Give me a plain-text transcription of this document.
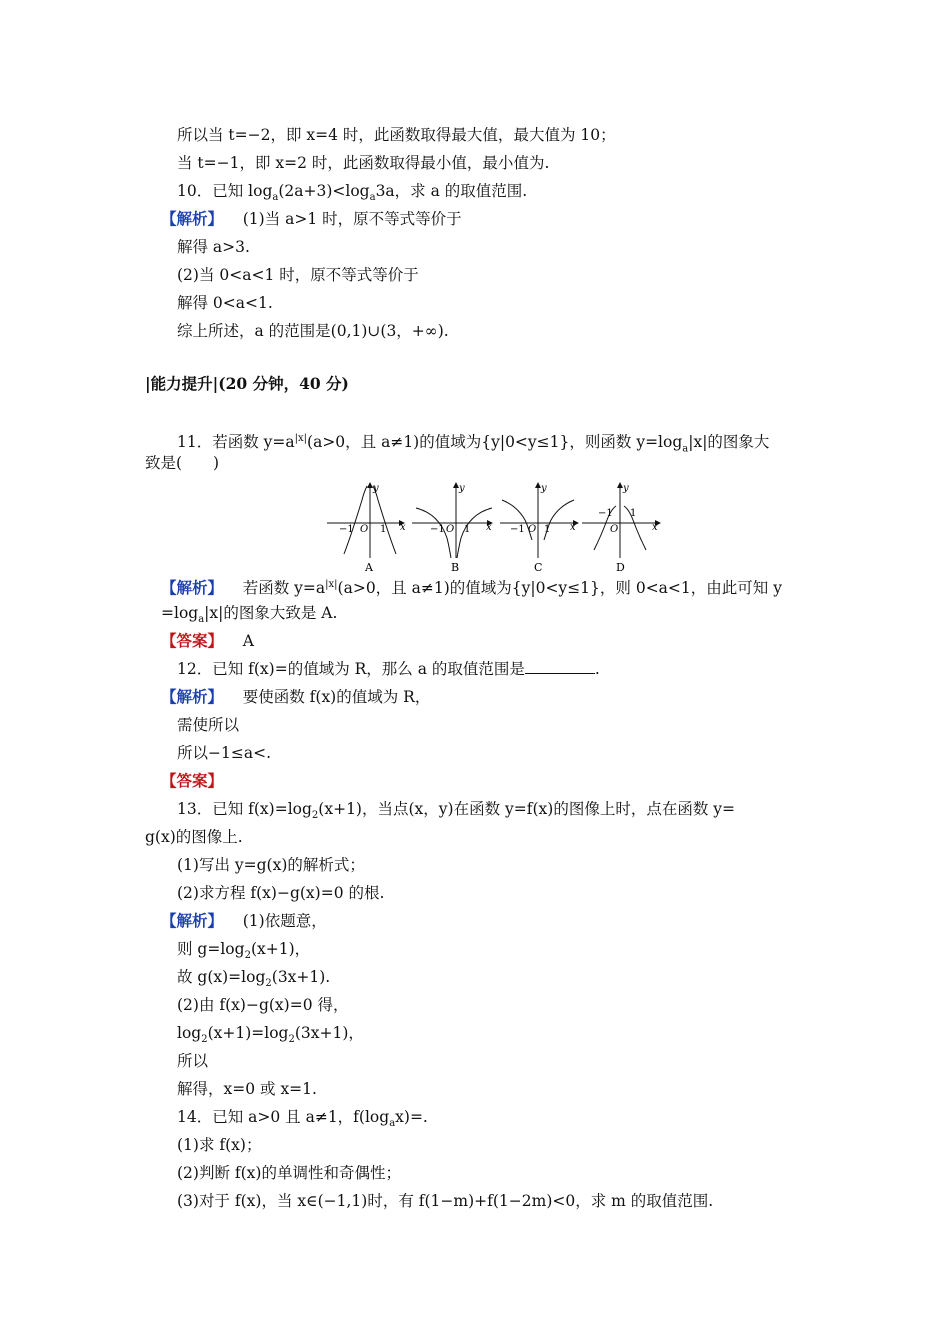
所以当 t=−2，即 x=4 时，此函数取得最大值，最大值为 10；
当 t=−1，即 x=2 时，此函数取得最小值，最小值为.
10．已知 $\log_a(2a+3)<\log_a3a$，求 a 的取值范围.
【解析】 (1)当 a>1 时，原不等式等价于
解得 a>3.
(2)当 0<a<1 时，原不等式等价于
解得 0<a<1.
综上所述，a 的范围是(0,1)∪(3，+∞).
|能力提升|(20 分钟，40 分)
11．若函数 $y=a^{|x|}(a>0$，且 a≠1)的值域为{y|0<y≤1}，则函数 $y=\log_a|x|$的图象大
致是(　　)
−1 O 1 x
y
A
−1 O 1 x
y
B
−1 O 1 x
y
C
−1
O
1
x
y
D
【解析】 若函数 $y=a^{|x|}(a>0$，且 a≠1)的值域为{y|0<y≤1}，则 0<a<1，由此可知 y
$=\log_a|x|$的图象大致是 A.
【答案】 A
12．已知 f(x)=的值域为 R，那么 a 的取值范围是	.
【解析】 要使函数 f(x)的值域为 R，
需使所以
所以−1≤a<.
【答案】
13．已知 $f(x)=\log_2(x+1)$，当点(x，y)在函数 y=f(x)的图像上时，点在函数 y=
g(x)的图像上.
(1)写出 y=g(x)的解析式；
(2)求方程 f(x)−g(x)=0 的根.
【解析】 (1)依题意，
则 $g=\log_2(x+1)$，
故 $g(x)=\log_2(3x+1)$.
(2)由 f(x)−g(x)=0 得，
$\log_2(x+1)=\log_2(3x+1)$，
所以
解得，x=0 或 x=1.
14．已知 a>0 且 a≠1，$f(\log_ax)=$.
(1)求 f(x)；
(2)判断 f(x)的单调性和奇偶性；
(3)对于 f(x)，当 x∈(−1,1)时，有 f(1−m)+f(1−2m)<0，求 m 的取值范围.
